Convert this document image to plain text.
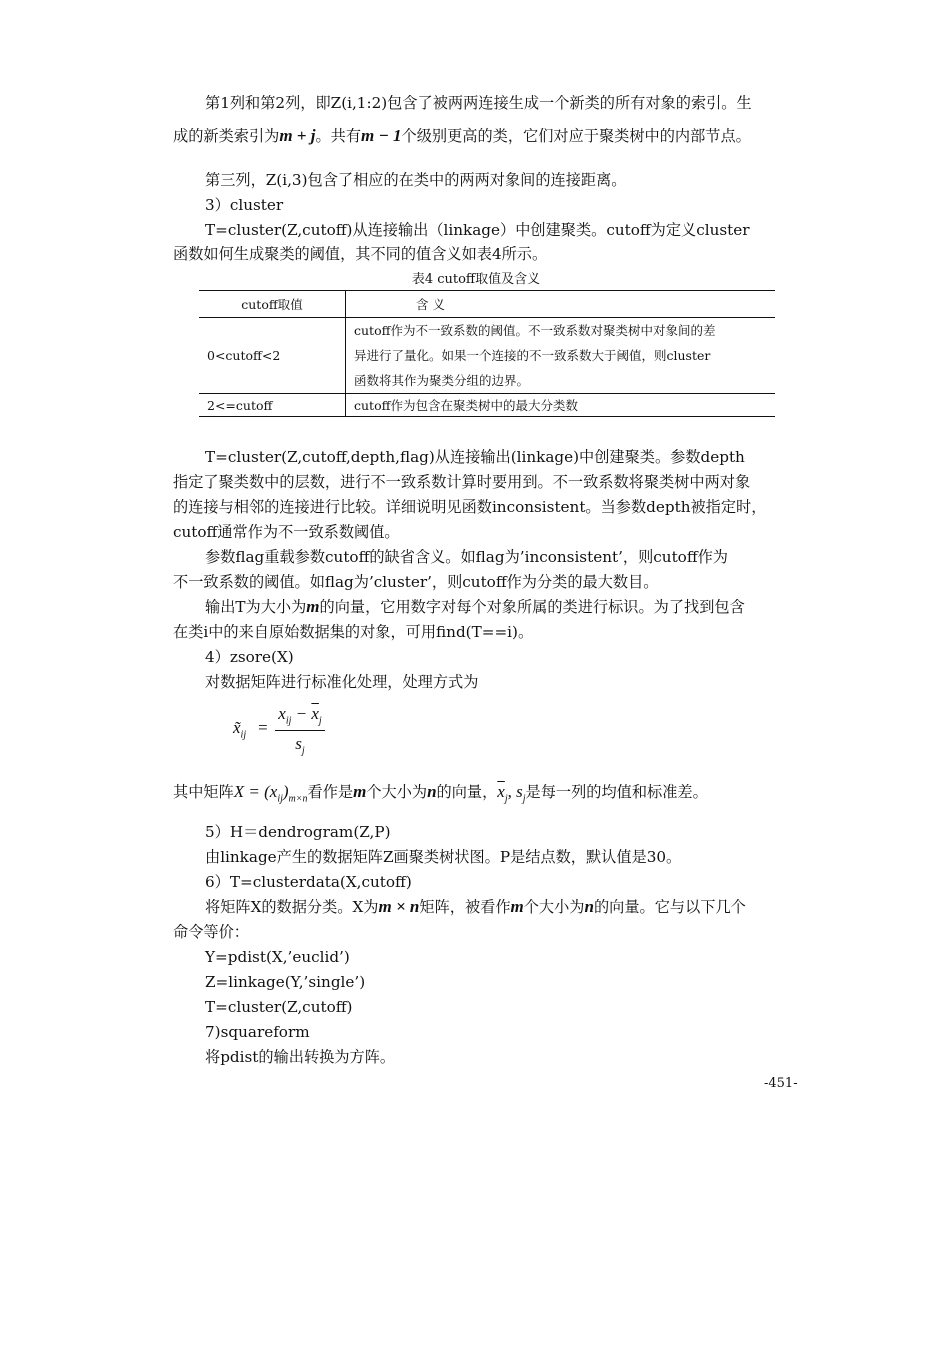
第1列和第2列，即Z(i,1:2)包含了被两两连接生成一个新类的所有对象的索引。生
成的新类索引为m + j。共有m − 1个级别更高的类，它们对应于聚类树中的内部节点。
第三列，Z(i,3)包含了相应的在类中的两两对象间的连接距离。
3）cluster
T=cluster(Z,cutoff)从连接输出（linkage）中创建聚类。cutoff为定义cluster
函数如何生成聚类的阈值，其不同的值含义如表4所示。
表4 cutoff取值及含义
cutoff取值	含 义
0<cutoff<2	cutoff作为不一致系数的阈值。不一致系数对聚类树中对象间的差
异进行了量化。如果一个连接的不一致系数大于阈值，则cluster
函数将其作为聚类分组的边界。

2<=cutoff	cutoff作为包含在聚类树中的最大分类数
T=cluster(Z,cutoff,depth,flag)从连接输出(linkage)中创建聚类。参数depth
指定了聚类数中的层数，进行不一致系数计算时要用到。不一致系数将聚类树中两对象
的连接与相邻的连接进行比较。详细说明见函数inconsistent。当参数depth被指定时，
cutoff通常作为不一致系数阈值。
参数flag重载参数cutoff的缺省含义。如flag为’inconsistent’，则cutoff作为
不一致系数的阈值。如flag为’cluster’，则cutoff作为分类的最大数目。
输出T为大小为m的向量，它用数字对每个对象所属的类进行标识。为了找到包含
在类i中的来自原始数据集的对象，可用find(T==i)。
4）zsore(X)
对数据矩阵进行标准化处理，处理方式为
$x̃_{ij}$ =
$x_{ij} - \overline{x}_j$
$s_j$
其中矩阵$X = (x_{ij})_{m\times n}$看作是m个大小为n的向量，$\overline{x}_j$, $s_j$是每一列的均值和标准差。
5）H＝dendrogram(Z,P)
由linkage产生的数据矩阵Z画聚类树状图。P是结点数，默认值是30。
6）T=clusterdata(X,cutoff)
将矩阵X的数据分类。X为m × n矩阵，被看作m个大小为n的向量。它与以下几个
命令等价：
Y=pdist(X,’euclid’)
Z=linkage(Y,’single’)
T=cluster(Z,cutoff)
7)squareform
将pdist的输出转换为方阵。
-451-
